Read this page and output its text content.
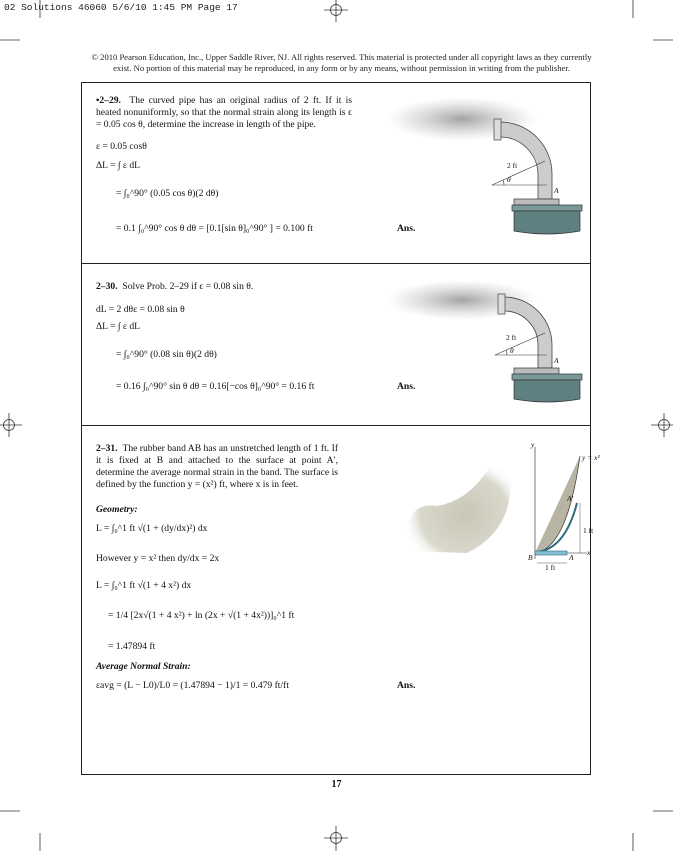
02 Solutions 46060 5/6/10 1:45 PM Page 17
© 2010 Pearson Education, Inc., Upper Saddle River, NJ. All rights reserved. This material is protected under all copyright laws as they currently exist. No portion of this material may be reproduced, in any form or by any means, without permission in writing from the publisher.
•2–29. The curved pipe has an original radius of 2 ft. If it is heated nonuniformly, so that the normal strain along its length is ϵ = 0.05 cos θ, determine the increase in length of the pipe.
ε = 0.05 cosθ
ΔL = ∫ ε dL
= ∫₀^90° (0.05 cos θ)(2 dθ)
= 0.1 ∫₀^90° cos θ dθ = [0.1[sin θ]₀^90° ] = 0.100 ft	Ans.
2 ft
θ
A
2–30. Solve Prob. 2–29 if ϵ = 0.08 sin θ.
dL = 2 dθε = 0.08 sin θ
ΔL = ∫ ε dL
= ∫₀^90° (0.08 sin θ)(2 dθ)
= 0.16 ∫₀^90° sin θ dθ = 0.16[−cos θ]₀^90° = 0.16 ft	Ans.
2 ft
θ
A
2–31. The rubber band AB has an unstretched length of 1 ft. If it is fixed at B and attached to the surface at point A′, determine the average normal strain in the band. The surface is defined by the function y = (x²) ft, where x is in feet.
Geometry:
L = ∫₀^1 ft √(1 + (dy/dx)²) dx
However y = x² then dy/dx = 2x
L = ∫₀^1 ft √(1 + 4 x²) dx
= 1/4 [2x√(1 + 4 x²) + ln (2x + √(1 + 4x²))]₀^1 ft
= 1.47894 ft
Average Normal Strain:
εavg = (L − L0)/L0 = (1.47894 − 1)/1 = 0.479 ft/ft	Ans.
y
y = x²
A′
1 ft
x
B	A
1 ft
17
